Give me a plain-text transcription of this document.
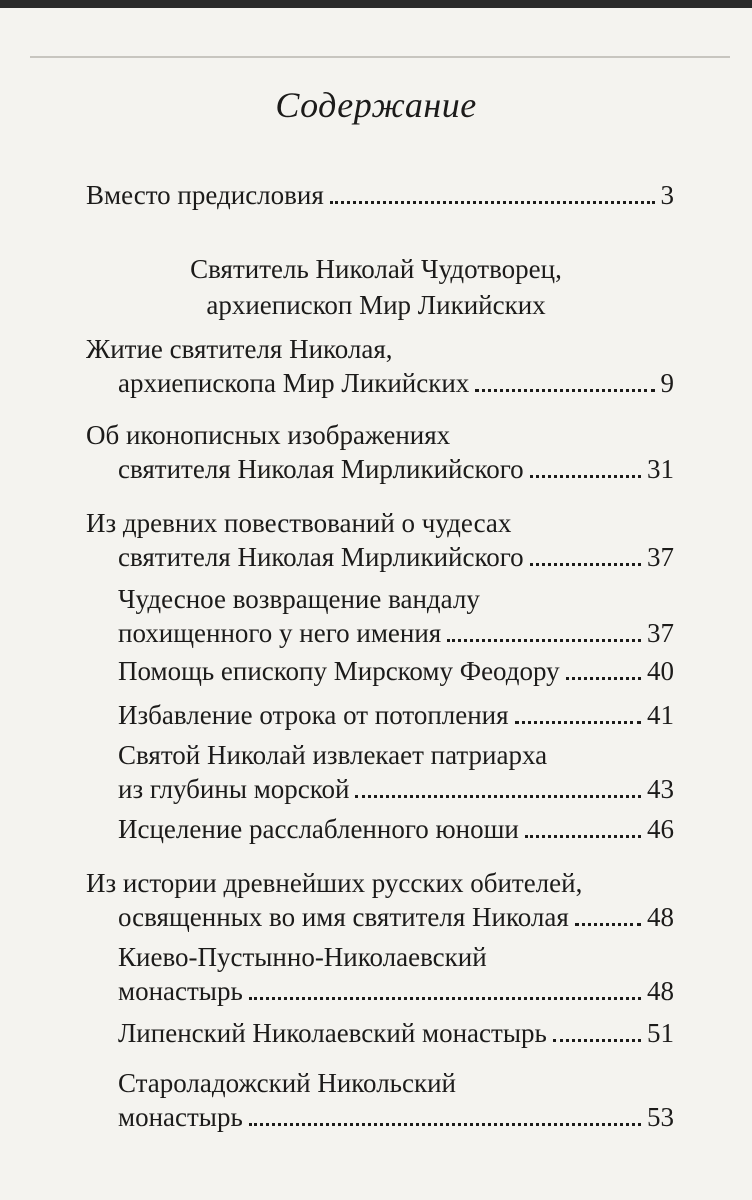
Содержание
Вместо предисловия	3
Святитель Николай Чудотворец,
архиепископ Мир Ликийских
Житие святителя Николая,
архиепископа Мир Ликийских	9
Об иконописных изображениях
святителя Николая Мирликийского	31
Из древних повествований о чудесах
святителя Николая Мирликийского	37
Чудесное возвращение вандалу
похищенного у него имения	37
Помощь епископу Мирскому Феодору	40
Избавление отрока от потопления	41
Святой Николай извлекает патриарха
из глубины морской	43
Исцеление расслабленного юноши	46
Из истории древнейших русских обителей,
освященных во имя святителя Николая	48
Киево-Пустынно-Николаевский
монастырь	48
Липенский Николаевский монастырь	51
Староладожский Никольский
монастырь	53
